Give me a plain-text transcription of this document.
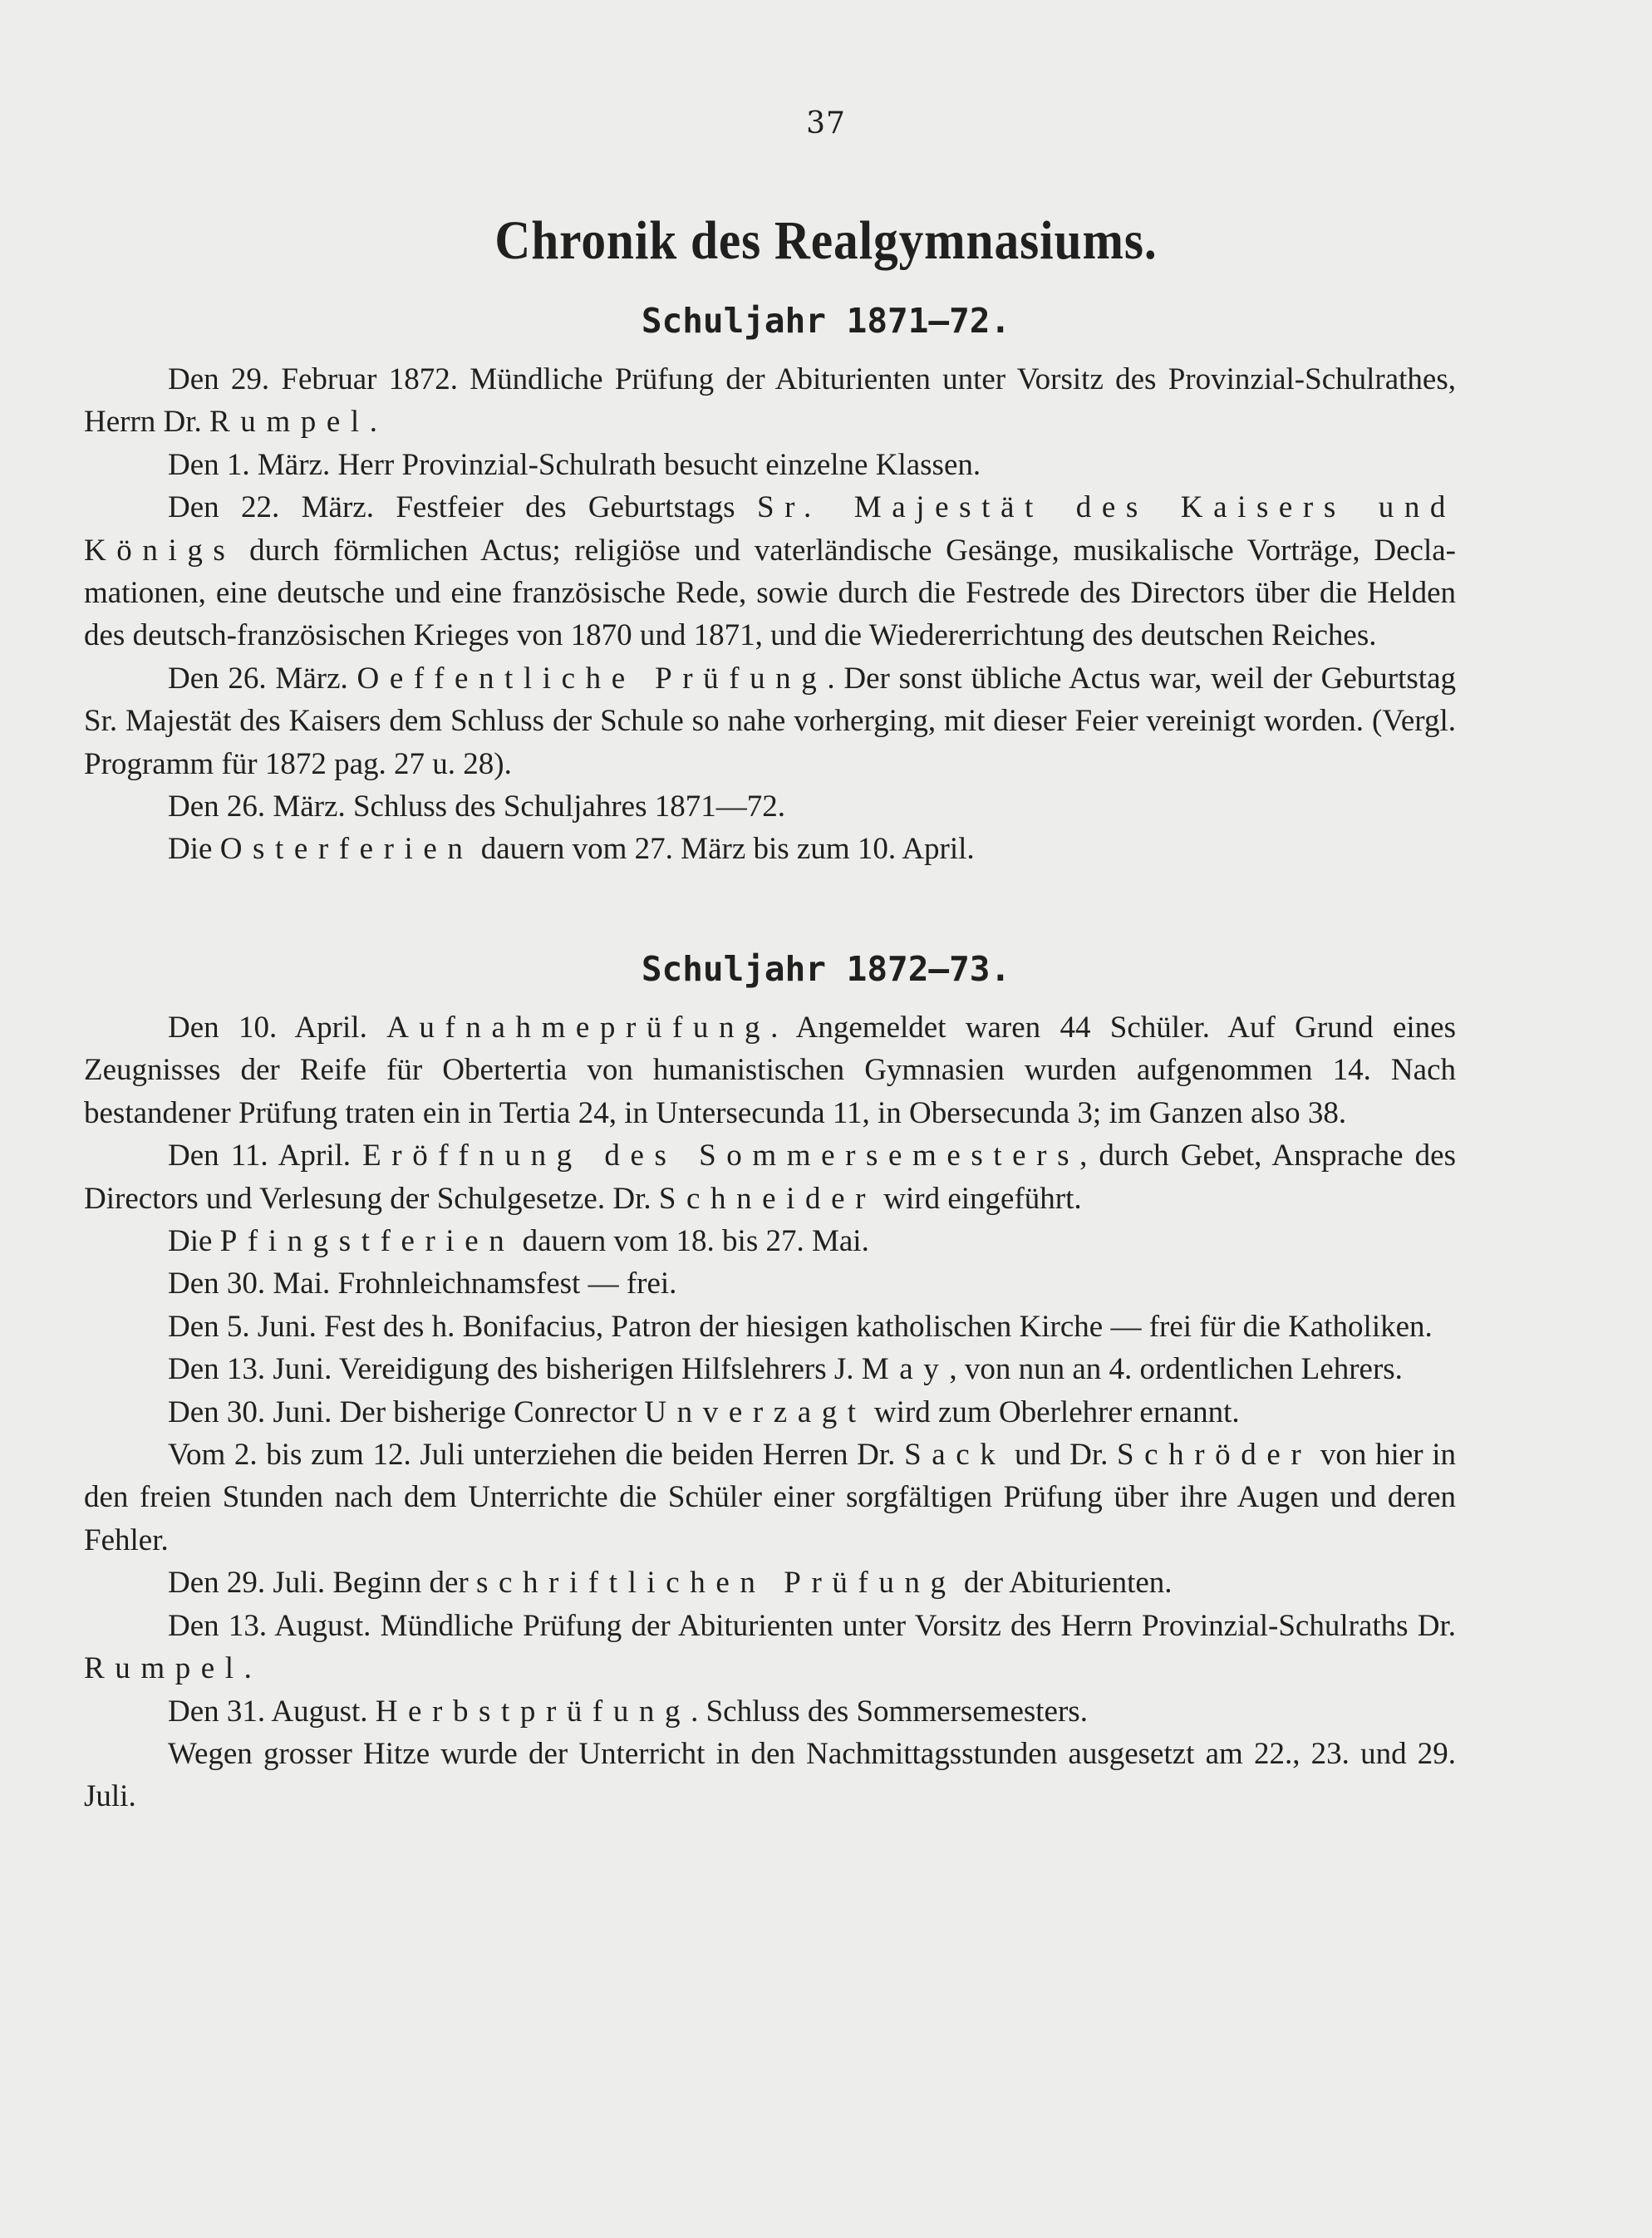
37
Chronik des Realgymnasiums.
Schuljahr 1871—72.

Den 29. Februar 1872. Mündliche Prüfung der Abiturienten unter Vorsitz des Provinzial-Schulrathes, Herrn Dr. Rumpel.

Den 1. März. Herr Provinzial-Schulrath besucht einzelne Klassen.

Den 22. März. Festfeier des Geburtstags Sr. Majestät des Kaisers und Königs durch förmlichen Actus; religiöse und vaterländische Gesänge, musikalische Vorträge, Declamationen, eine deutsche und eine französische Rede, sowie durch die Festrede des Directors über die Helden des deutsch-französischen Krieges von 1870 und 1871, und die Wiedererrichtung des deutschen Reiches.

Den 26. März. Oeffentliche Prüfung. Der sonst übliche Actus war, weil der Geburtstag Sr. Majestät des Kaisers dem Schluss der Schule so nahe vorherging, mit dieser Feier vereinigt worden. (Vergl. Programm für 1872 pag. 27 u. 28).

Den 26. März. Schluss des Schuljahres 1871—72.

Die Osterferien dauern vom 27. März bis zum 10. April.

Schuljahr 1872—73.

Den 10. April. Aufnahmeprüfung. Angemeldet waren 44 Schüler. Auf Grund eines Zeugnisses der Reife für Obertertia von humanistischen Gymnasien wurden aufgenommen 14. Nach bestandener Prüfung traten ein in Tertia 24, in Untersecunda 11, in Obersecunda 3; im Ganzen also 38.

Den 11. April. Eröffnung des Sommersemesters, durch Gebet, Ansprache des Directors und Verlesung der Schulgesetze. Dr. Schneider wird eingeführt.

Die Pfingstferien dauern vom 18. bis 27. Mai.

Den 30. Mai. Frohnleichnamsfest — frei.

Den 5. Juni. Fest des h. Bonifacius, Patron der hiesigen katholischen Kirche — frei für die Katholiken.

Den 13. Juni. Vereidigung des bisherigen Hilfslehrers J. May, von nun an 4. ordentlichen Lehrers.

Den 30. Juni. Der bisherige Conrector Unverzagt wird zum Oberlehrer ernannt.

Vom 2. bis zum 12. Juli unterziehen die beiden Herren Dr. Sack und Dr. Schröder von hier in den freien Stunden nach dem Unterrichte die Schüler einer sorgfältigen Prüfung über ihre Augen und deren Fehler.

Den 29. Juli. Beginn der schriftlichen Prüfung der Abiturienten.

Den 13. August. Mündliche Prüfung der Abiturienten unter Vorsitz des Herrn Provinzial-Schulraths Dr. Rumpel.

Den 31. August. Herbstprüfung. Schluss des Sommersemesters.

Wegen grosser Hitze wurde der Unterricht in den Nachmittagsstunden ausgesetzt am 22., 23. und 29. Juli.
